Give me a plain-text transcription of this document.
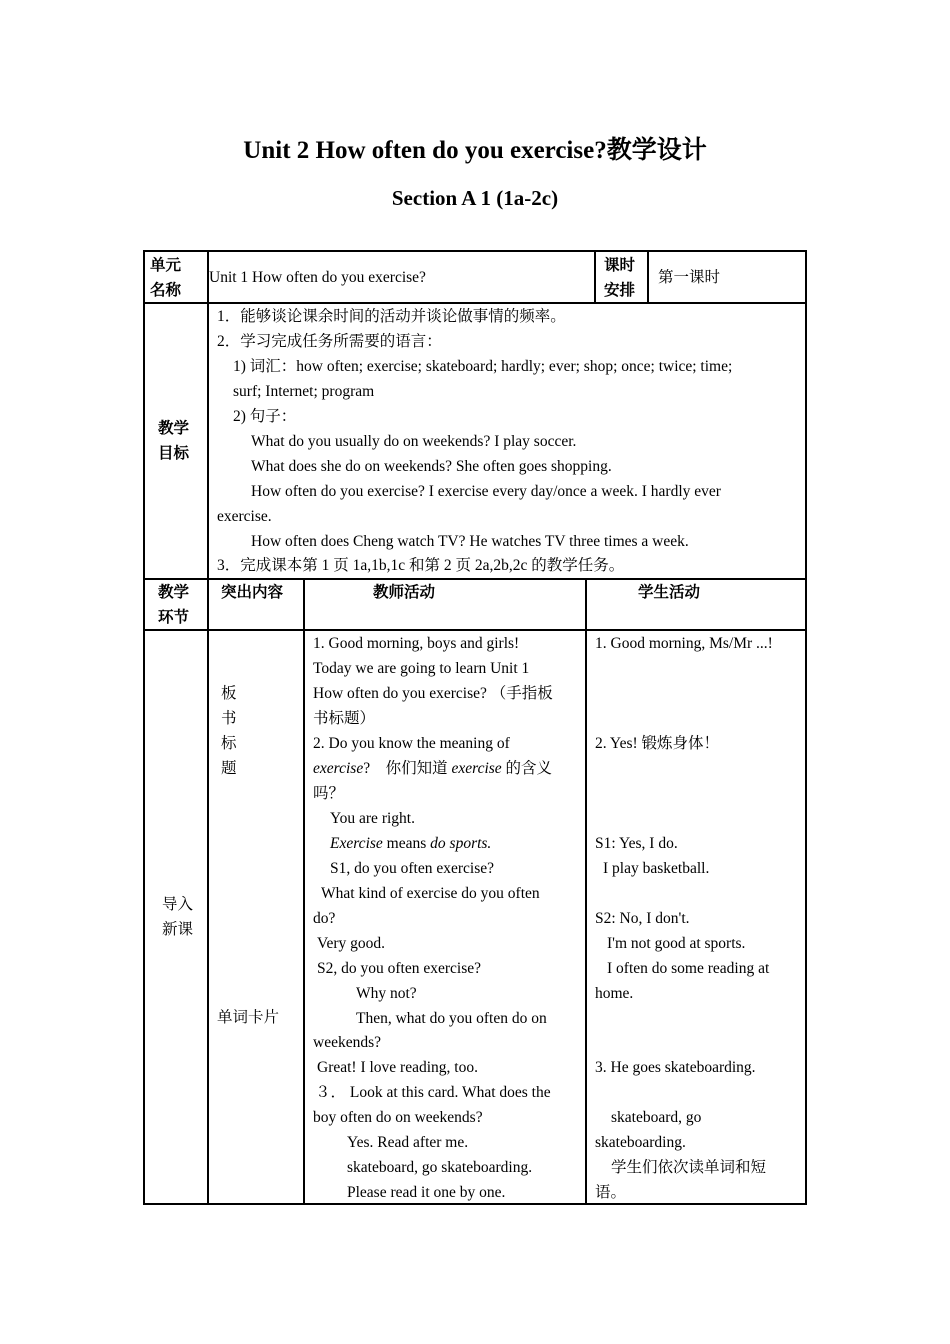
Unit 2 How often do you exercise?教学设计
Section A 1 (1a-2c)
单元
名称
Unit 1 How often do you exercise?
课时
安排
第一课时
教学
目标
1．能够谈论课余时间的活动并谈论做事情的频率。
2．学习完成任务所需要的语言：
1) 词汇：how often; exercise; skateboard; hardly; ever; shop; once; twice; time;
surf; Internet; program
2) 句子：
What do you usually do on weekends? I play soccer.
What does she do on weekends? She often goes shopping.
How often do you exercise? I exercise every day/once a week. I hardly ever
exercise.
How often does Cheng watch TV? He watches TV three times a week.
3．完成课本第 1 页 1a,1b,1c 和第 2 页 2a,2b,2c 的教学任务。
教学
环节
突出内容	教师活动	学生活动
导入
新课
板
书
标
题
单词卡片
1. Good morning, boys and girls!
Today we are going to learn Unit 1
How often do you exercise? （手指板
书标题）
2. Do you know the meaning of
exercise?　你们知道 exercise 的含义
吗？
You are right.
Exercise means do sports.
S1, do you often exercise?
What kind of exercise do you often
do?
Very good.
S2, do you often exercise?
Why not?
Then, what do you often do on
weekends?
Great! I love reading, too.
３． Look at this card. What does the
boy often do on weekends?
Yes. Read after me.
skateboard, go skateboarding.
Please read it one by one.
1. Good morning, Ms/Mr ...!
2. Yes! 锻炼身体！
S1: Yes, I do.
I play basketball.
S2: No, I don't.
I'm not good at sports.
I often do some reading at
home.
3. He goes skateboarding.
skateboard, go
skateboarding.
学生们依次读单词和短
语。
